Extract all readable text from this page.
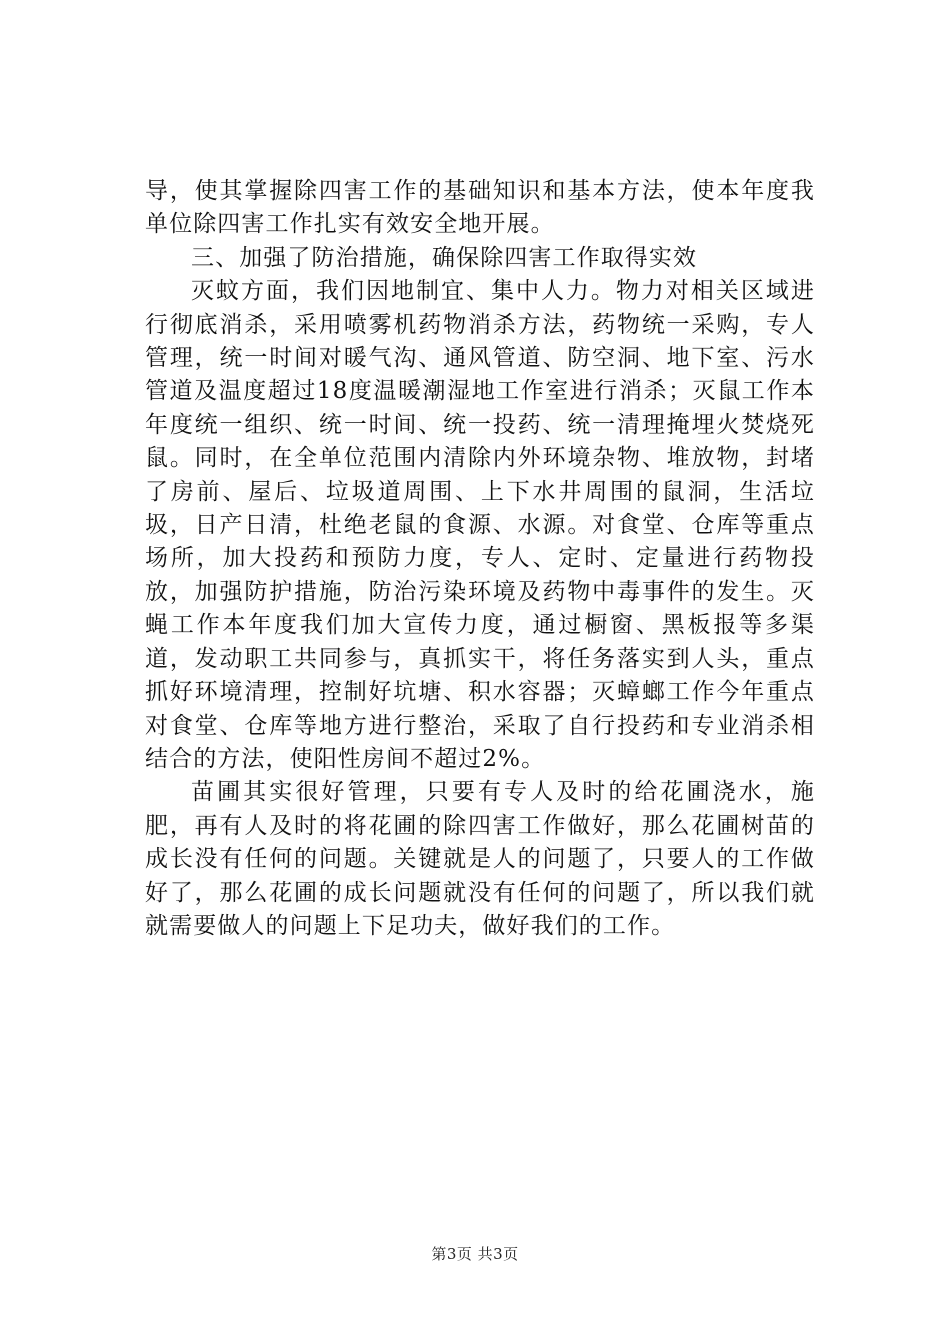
导，使其掌握除四害工作的基础知识和基本方法，使本年度我单位除四害工作扎实有效安全地开展。

三、加强了防治措施，确保除四害工作取得实效

灭蚊方面，我们因地制宜、集中人力。物力对相关区域进行彻底消杀，采用喷雾机药物消杀方法，药物统一采购，专人管理，统一时间对暖气沟、通风管道、防空洞、地下室、污水管道及温度超过18度温暖潮湿地工作室进行消杀；灭鼠工作本年度统一组织、统一时间、统一投药、统一清理掩埋火焚烧死鼠。同时，在全单位范围内清除内外环境杂物、堆放物，封堵了房前、屋后、垃圾道周围、上下水井周围的鼠洞，生活垃圾，日产日清，杜绝老鼠的食源、水源。对食堂、仓库等重点场所，加大投药和预防力度，专人、定时、定量进行药物投放，加强防护措施，防治污染环境及药物中毒事件的发生。灭蝇工作本年度我们加大宣传力度，通过橱窗、黑板报等多渠道，发动职工共同参与，真抓实干，将任务落实到人头，重点抓好环境清理，控制好坑塘、积水容器；灭蟑螂工作今年重点对食堂、仓库等地方进行整治，采取了自行投药和专业消杀相结合的方法，使阳性房间不超过2%。

苗圃其实很好管理，只要有专人及时的给花圃浇水，施肥，再有人及时的将花圃的除四害工作做好，那么花圃树苗的成长没有任何的问题。关键就是人的问题了，只要人的工作做好了，那么花圃的成长问题就没有任何的问题了，所以我们就就需要做人的问题上下足功夫，做好我们的工作。

第3页 共3页
